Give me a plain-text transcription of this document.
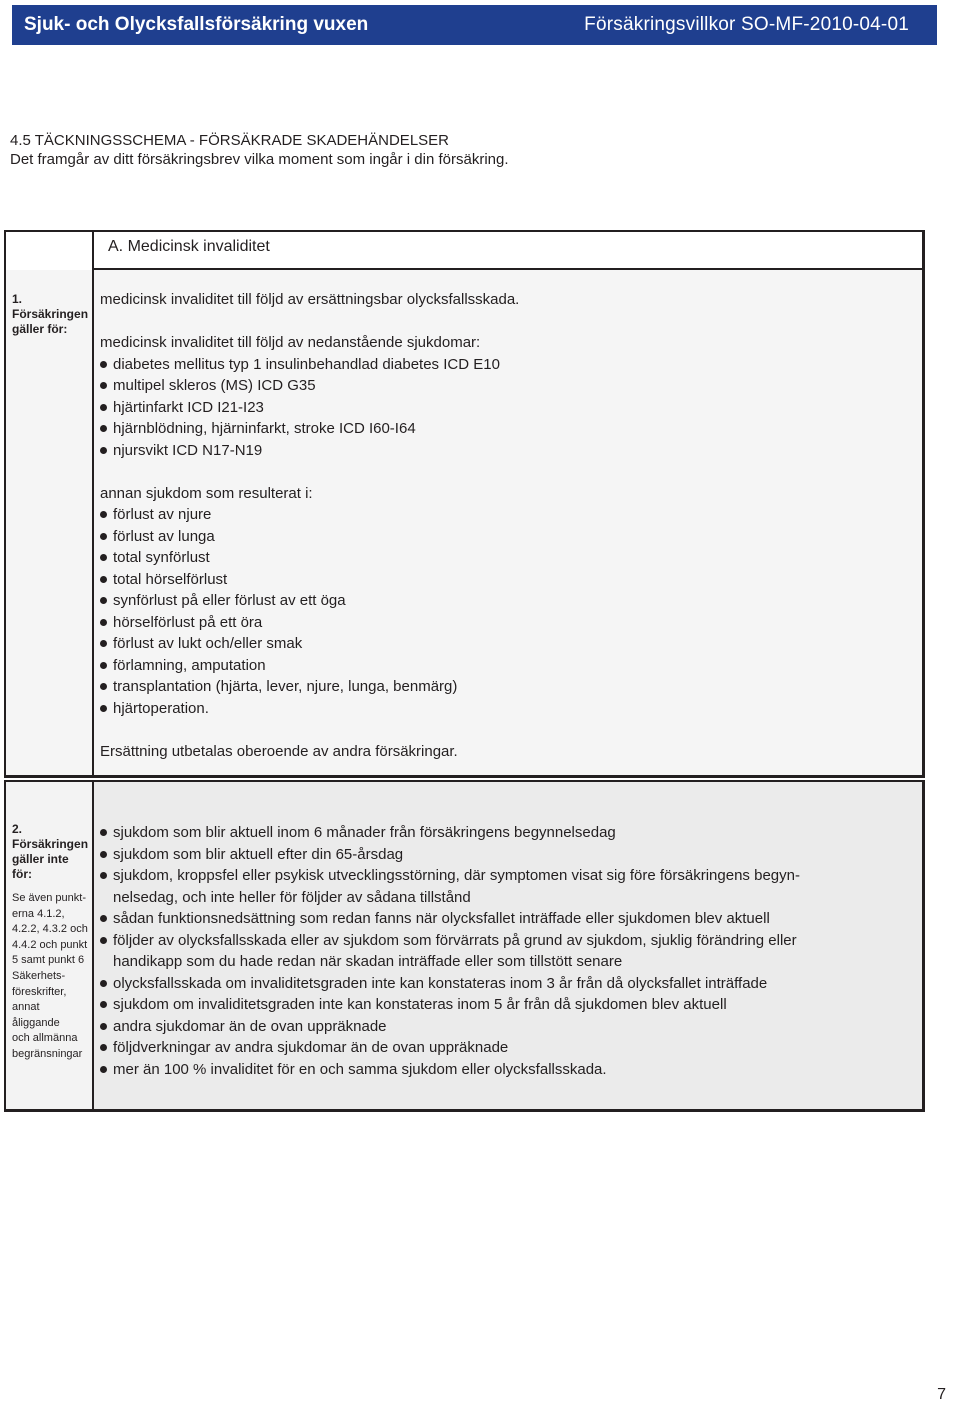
Sjuk- och Olycksfallsförsäkring vuxen	Försäkringsvillkor SO-MF-2010-04-01
4.5 TÄCKNINGSSCHEMA - FÖRSÄKRADE SKADEHÄNDELSER
Det framgår av ditt försäkringsbrev vilka moment som ingår i din försäkring.
A. Medicinsk invaliditet
1.
Försäkringen
gäller för:

medicinsk invaliditet till följd av ersättningsbar olycksfallsskada.

medicinsk invaliditet till följd av nedanstående sjukdomar:

diabetes mellitus typ 1 insulinbehandlad diabetes ICD E10
multipel skleros (MS) ICD G35
hjärtinfarkt ICD I21-I23
hjärnblödning, hjärninfarkt, stroke ICD I60-I64
njursvikt ICD N17-N19

annan sjukdom som resulterat i:

förlust av njure
förlust av lunga
total synförlust
total hörselförlust
synförlust på eller förlust av ett öga
hörselförlust på ett öra
förlust av lukt och/eller smak
förlamning, amputation
transplantation (hjärta, lever, njure, lunga, benmärg)
hjärtoperation.

Ersättning utbetalas oberoende av andra försäkringar.

2.
Försäkringen
gäller inte
för:
Se även punkt-
erna 4.1.2,
4.2.2, 4.3.2 och
4.4.2 och punkt
5 samt punkt 6
Säkerhets-
föreskrifter,
annat
åliggande
och allmänna
begränsningar
sjukdom som blir aktuell inom 6 månader från försäkringens begynnelsedag
sjukdom som blir aktuell efter din 65-årsdag
sjukdom, kroppsfel eller psykisk utvecklingsstörning, där symptomen visat sig före försäkringens begyn-nelsedag, och inte heller för följder av sådana tillstånd
sådan funktionsnedsättning som redan fanns när olycksfallet inträffade eller sjukdomen blev aktuell
följder av olycksfallsskada eller av sjukdom som förvärrats på grund av sjukdom, sjuklig förändring eller handikapp som du hade redan när skadan inträffade eller som tillstött senare
olycksfallsskada om invaliditetsgraden inte kan konstateras inom 3 år från då olycksfallet inträffade
sjukdom om invaliditetsgraden inte kan konstateras inom 5 år från då sjukdomen blev aktuell
andra sjukdomar än de ovan uppräknade
följdverkningar av andra sjukdomar än de ovan uppräknade
mer än 100 % invaliditet för en och samma sjukdom eller olycksfallsskada.
7
